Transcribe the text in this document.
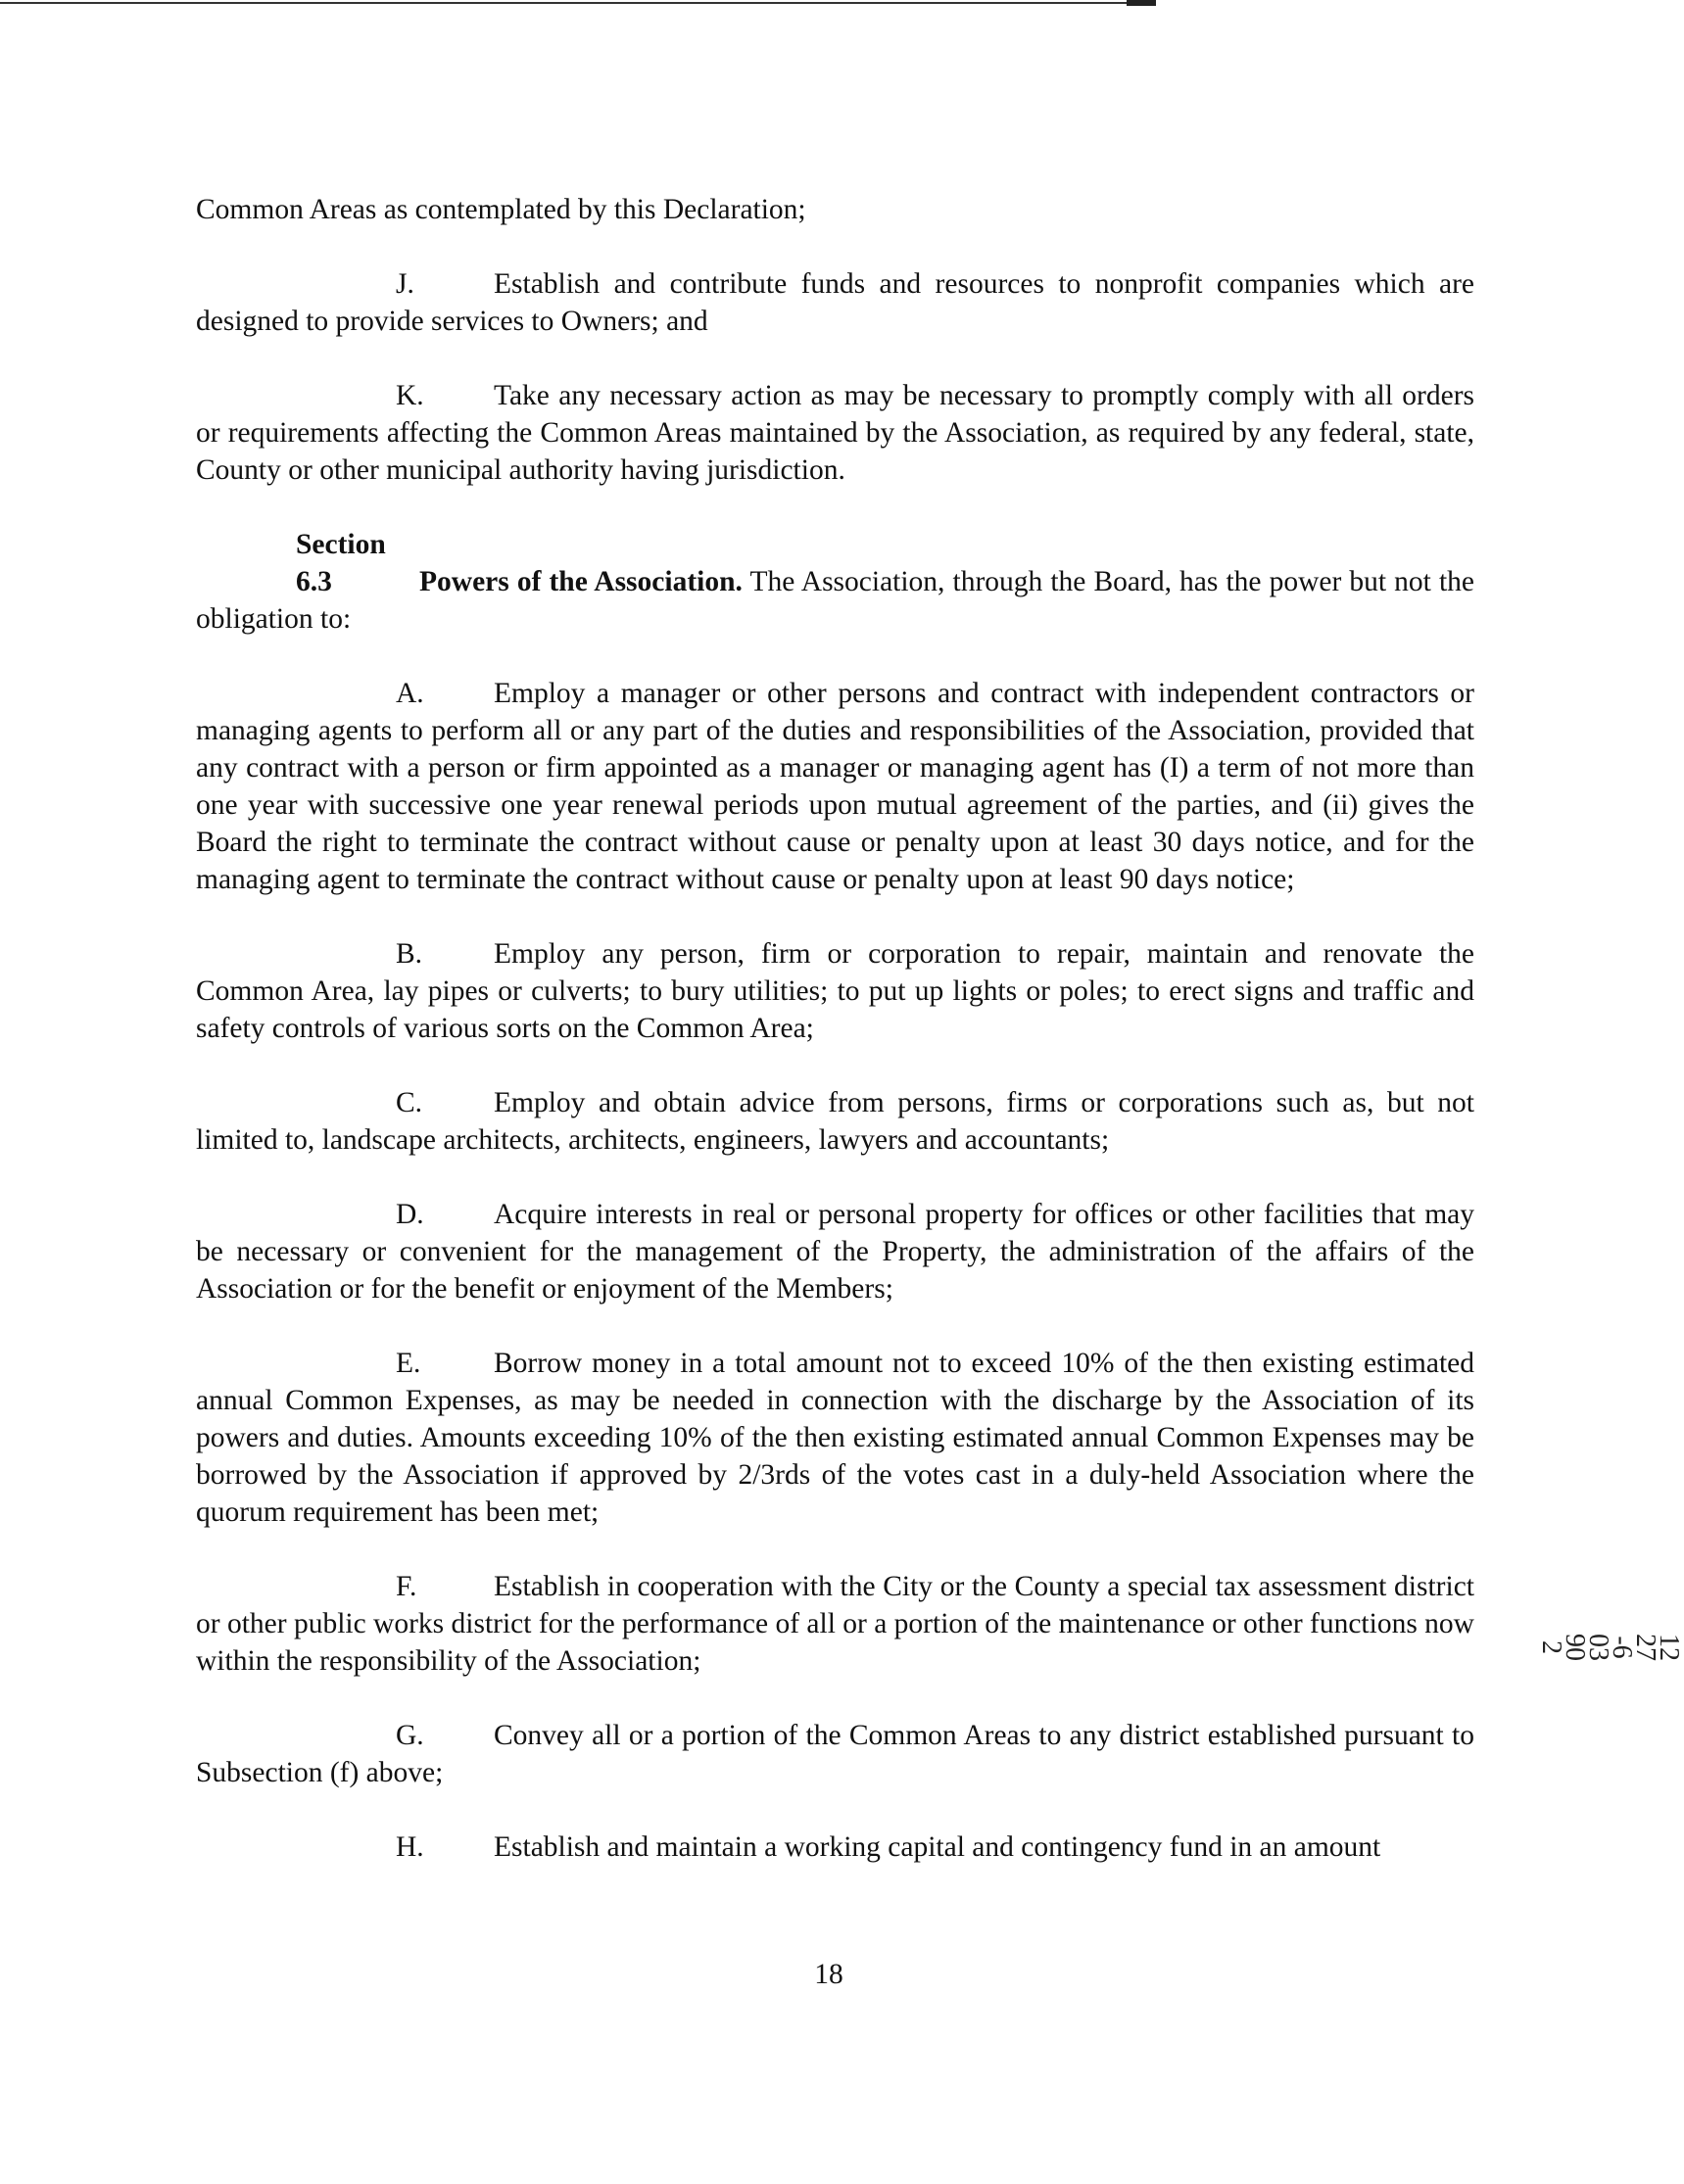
Common Areas as contemplated by this Declaration;

J.	Establish and contribute funds and resources to nonprofit companies which are designed to provide services to Owners; and

K. Take any necessary action as may be necessary to promptly comply with all orders or requirements affecting the Common Areas maintained by the Association, as required by any federal, state, County or other municipal authority having jurisdiction.

Section 6.3	Powers of the Association. The Association, through the Board, has the power but not the obligation to:

A. Employ a manager or other persons and contract with independent contractors or managing agents to perform all or any part of the duties and responsibilities of the Association, provided that any contract with a person or firm appointed as a manager or managing agent has (I) a term of not more than one year with successive one year renewal periods upon mutual agreement of the parties, and (ii) gives the Board the right to terminate the contract without cause or penalty upon at least 30 days notice, and for the managing agent to terminate the contract without cause or penalty upon at least 90 days notice;

B. Employ any person, firm or corporation to repair, maintain and renovate the Common Area, lay pipes or culverts; to bury utilities; to put up lights or poles; to erect signs and traffic and safety controls of various sorts on the Common Area;

C. Employ and obtain advice from persons, firms or corporations such as, but not limited to, landscape architects, architects, engineers, lawyers and accountants;

D. Acquire interests in real or personal property for offices or other facilities that may be necessary or convenient for the management of the Property, the administration of the affairs of the Association or for the benefit or enjoyment of the Members;

E.	Borrow money in a total amount not to exceed 10% of the then existing estimated annual Common Expenses, as may be needed in connection with the discharge by the Association of its powers and duties. Amounts exceeding 10% of the then existing estimated annual Common Expenses may be borrowed by the Association if approved by 2/3rds of the votes cast in a duly-held Association where the quorum requirement has been met;

F.	Establish in cooperation with the City or the County a special tax assessment district or other public works district for the performance of all or a portion of the maintenance or other functions now within the responsibility of the Association;

G. Convey all or a portion of the Common Areas to any district established pursuant to Subsection (f) above;

H. Establish and maintain a working capital and contingency fund in an amount

18
1227-6 03902
